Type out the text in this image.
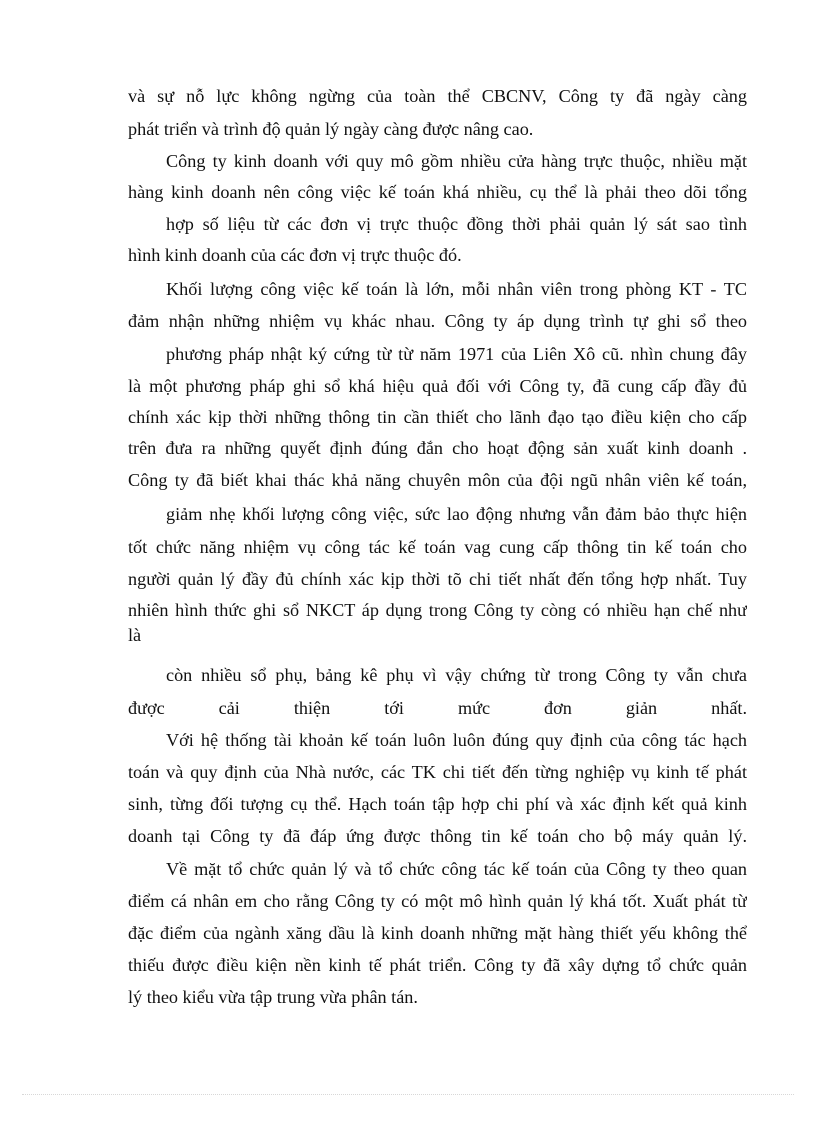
và sự nỗ lực không ngừng của toàn thể CBCNV, Công ty đã ngày càng
phát triển và trình độ quản lý ngày càng được nâng cao.
Công ty kinh doanh với quy mô gồm nhiều cửa hàng trực thuộc, nhiều mặt
hàng kinh doanh nên công việc kế toán khá nhiều, cụ thể là phải theo dõi tổng
hợp số liệu từ các đơn vị trực thuộc đồng thời phải quản lý sát sao tình
hình kinh doanh của các đơn vị trực thuộc đó.
Khối lượng công việc kế toán là lớn, mỗi nhân viên trong phòng KT - TC
đảm nhận những nhiệm vụ khác nhau. Công ty áp dụng trình tự ghi sổ theo
phương pháp nhật ký cứng từ từ năm 1971 của Liên Xô cũ. nhìn chung đây
là một phương pháp ghi sổ khá hiệu quả đối với Công ty, đã cung cấp đầy đủ
chính xác kịp thời những thông tin cần thiết cho lãnh đạo tạo điều kiện cho cấp
trên đưa ra những quyết định đúng đắn cho hoạt động sản xuất kinh doanh .
Công ty đã biết khai thác khả năng chuyên môn của đội ngũ nhân viên kế toán,
giảm nhẹ khối lượng công việc, sức lao động nhưng vẫn đảm bảo thực hiện
tốt chức năng nhiệm vụ công tác kế toán vag cung cấp thông tin kế toán cho
người quản lý đầy đủ chính xác kịp thời tõ chi tiết nhất đến tổng hợp nhất. Tuy
nhiên hình thức ghi sổ NKCT áp dụng trong Công ty còng có nhiều hạn chế như
là
còn nhiều sổ phụ, bảng kê phụ vì vậy chứng từ trong Công ty vẫn chưa
được cải thiện tới mức đơn giản nhất.
Với hệ thống tài khoản kế toán luôn luôn đúng quy định của công tác hạch
toán và quy định của Nhà nước, các TK chi tiết đến từng nghiệp vụ kinh tế phát
sinh, từng đối tượng cụ thể. Hạch toán tập hợp chi phí và xác định kết quả kinh
doanh tại Công ty đã đáp ứng được thông tin kế toán cho bộ máy quản lý.
Về mặt tổ chức quản lý và tổ chức công tác kế toán của Công ty theo quan
điểm cá nhân em cho rằng Công ty có một mô hình quản lý khá tốt. Xuất phát từ
đặc điểm của ngành xăng dầu là kinh doanh những mặt hàng thiết yếu không thể
thiếu được điều kiện nền kinh tế phát triển. Công ty đã xây dựng tổ chức quản
lý theo kiểu vừa tập trung vừa phân tán.
